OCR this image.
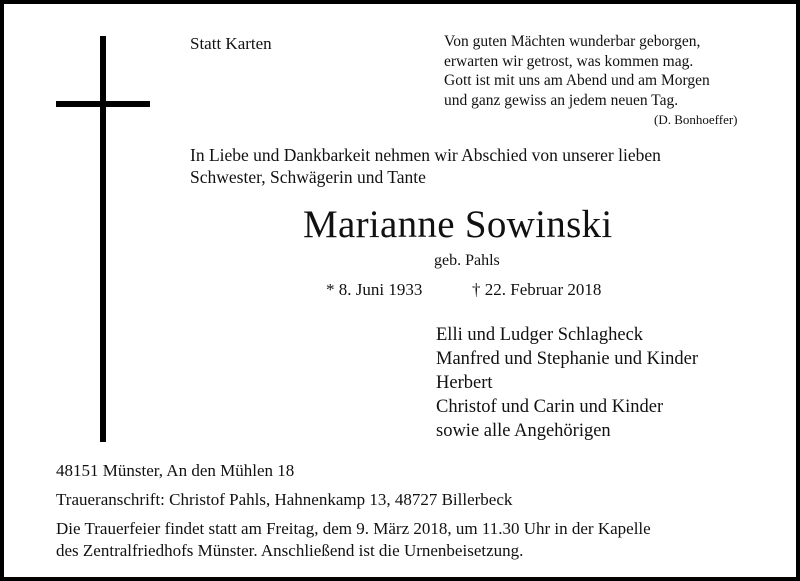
Statt Karten	Von guten Mächten wunderbar geborgen,
erwarten wir getrost, was kommen mag.
Gott ist mit uns am Abend und am Morgen
und ganz gewiss an jedem neuen Tag.
(D. Bonhoeffer)
In Liebe und Dankbarkeit nehmen wir Abschied von unserer lieben
Schwester, Schwägerin und Tante
Marianne Sowinski
geb. Pahls
* 8. Juni 1933	† 22. Februar 2018
Elli und Ludger Schlagheck
Manfred und Stephanie und Kinder
Herbert
Christof und Carin und Kinder
sowie alle Angehörigen
48151 Münster, An den Mühlen 18
Traueranschrift: Christof Pahls, Hahnenkamp 13, 48727 Billerbeck
Die Trauerfeier findet statt am Freitag, dem 9. März 2018, um 11.30 Uhr in der Kapelle
des Zentralfriedhofs Münster. Anschließend ist die Urnenbeisetzung.
